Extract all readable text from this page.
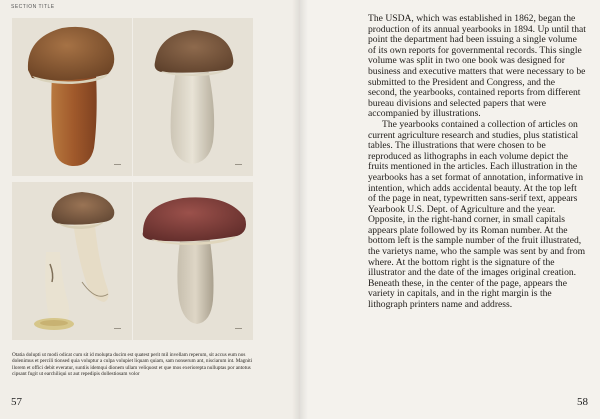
SECTION TITLE
Otatia dolupti ut modi odicat cum sit id molupta ducim est quatest perit mil invellam reperum, sit accus eum nos dolenimus et percili tionsed quia voluptur a culpa volupiet liquam quiam, sam nonserum ant, nisciarum int. Magniti llorem et offici debit everatur, suntiis idemqui dionem ullam veliquost et que mos exeriorepta nulluptas por antotus cipsant fugit ut earchiliqui ut aut repedipis dollestiosam volor
57

The USDA, which was established in 1862, began the production of its annual yearbooks in 1894. Up until that point the department had been issuing a single volume of its own reports for governmental records. This single volume was split in two one book was designed for business and executive matters that were necessary to be submitted to the President and Congress, and the second, the yearbooks, contained reports from different bureau divisions and selected papers that were accompanied by illustrations.

The yearbooks contained a collection of articles on current agriculture research and studies, plus statistical tables. The illustrations that were chosen to be reproduced as lithographs in each volume depict the fruits mentioned in the articles. Each illustration in the yearbooks has a set format of annotation, informative in intention, which adds accidental beauty. At the top left of the page in neat, typewritten sans-serif text, appears Yearbook U.S. Dept. of Agriculture and the year. Opposite, in the right-hand corner, in small capitals appears plate followed by its Roman number. At the bottom left is the sample number of the fruit illustrated, the varietys name, who the sample was sent by and from where. At the bottom right is the signature of the illustrator and the date of the images original creation. Beneath these, in the center of the page, appears the variety in capitals, and in the right margin is the lithograph printers name and address.

58
